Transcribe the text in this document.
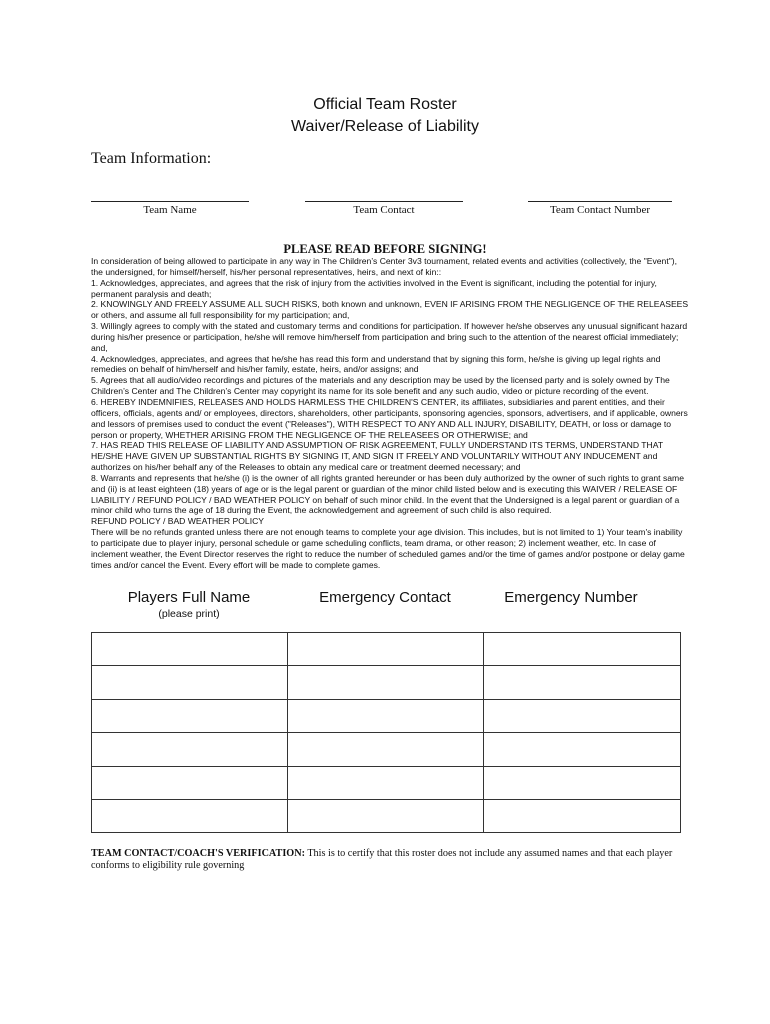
Official Team Roster
Waiver/Release of Liability
Team Information:
Team Name	Team Contact	Team Contact Number
PLEASE READ BEFORE SIGNING!

In consideration of being allowed to participate in any way in The Children’s Center 3v3 tournament, related events and activities (collectively, the "Event"), the undersigned, for himself/herself, his/her personal representatives, heirs, and next of kin::

1. Acknowledges, appreciates, and agrees that the risk of injury from the activities involved in the Event is significant, including the potential for injury, permanent paralysis and death;

2. KNOWINGLY AND FREELY ASSUME ALL SUCH RISKS, both known and unknown, EVEN IF ARISING FROM THE NEGLIGENCE OF THE RELEASEES or others, and assume all full responsibility for my participation; and,

3. Willingly agrees to comply with the stated and customary terms and conditions for participation. If however he/she observes any unusual significant hazard during his/her presence or participation, he/she will remove him/herself from participation and bring such to the attention of the nearest official immediately; and,

4. Acknowledges, appreciates, and agrees that he/she has read this form and understand that by signing this form, he/she is giving up legal rights and remedies on behalf of him/herself and his/her family, estate, heirs, and/or assigns; and

5. Agrees that all audio/video recordings and pictures of the materials and any description may be used by the licensed party and is solely owned by The Children’s Center and The Children’s Center may copyright its name for its sole benefit and any such audio, video or picture recording of the event.

6. HEREBY INDEMNIFIES, RELEASES AND HOLDS HARMLESS THE CHILDREN'S CENTER, its affiliates, subsidiaries and parent entities, and their officers, officials, agents and/ or employees, directors, shareholders, other participants, sponsoring agencies, sponsors, advertisers, and if applicable, owners and lessors of premises used to conduct the event ("Releases"), WITH RESPECT TO ANY AND ALL INJURY, DISABILITY, DEATH, or loss or damage to person or property, WHETHER ARISING FROM THE NEGLIGENCE OF THE RELEASEES OR OTHERWISE; and

7. HAS READ THIS RELEASE OF LIABILITY AND ASSUMPTION OF RISK AGREEMENT, FULLY UNDERSTAND ITS TERMS, UNDERSTAND THAT HE/SHE HAVE GIVEN UP SUBSTANTIAL RIGHTS BY SIGNING IT, AND SIGN IT FREELY AND VOLUNTARILY WITHOUT ANY INDUCEMENT and authorizes on his/her behalf any of the Releases to obtain any medical care or treatment deemed necessary; and

8. Warrants and represents that he/she (i) is the owner of all rights granted hereunder or has been duly authorized by the owner of such rights to grant same and (ii) is at least eighteen (18) years of age or is the legal parent or guardian of the minor child listed below and is executing this WAIVER / RELEASE OF LIABILITY / REFUND POLICY / BAD WEATHER POLICY on behalf of such minor child. In the event that the Undersigned is a legal parent or guardian of a minor child who turns the age of 18 during the Event, the acknowledgement and agreement of such child is also required.

REFUND POLICY / BAD WEATHER POLICY

There will be no refunds granted unless there are not enough teams to complete your age division. This includes, but is not limited to 1) Your team's inability to participate due to player injury, personal schedule or game scheduling conflicts, team drama, or other reason; 2) inclement weather, etc. In case of inclement weather, the Event Director reserves the right to reduce the number of scheduled games and/or the time of games and/or postpone or delay game times and/or cancel the Event. Every effort will be made to complete games.

Players Full Name
(please print)
Emergency Contact	Emergency Number

TEAM CONTACT/COACH'S VERIFICATION: This is to certify that this roster does not include any assumed names and that each player conforms to eligibility rule governing
